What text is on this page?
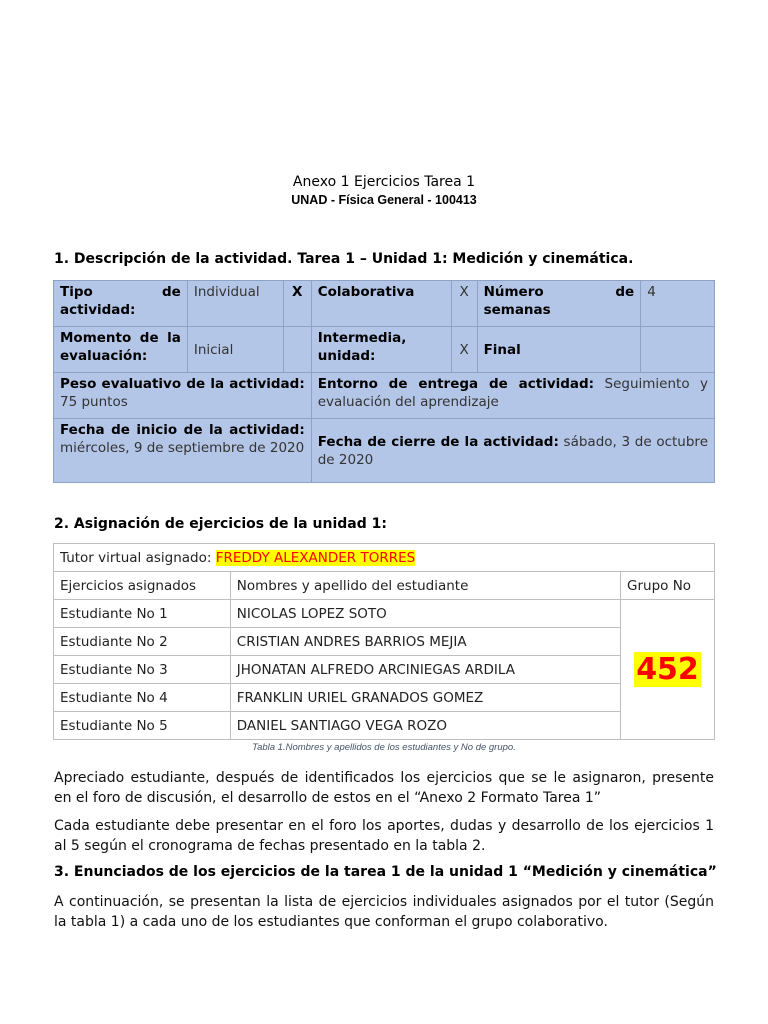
Anexo 1 Ejercicios Tarea 1
UNAD - Física General - 100413

1. Descripción de la actividad. Tarea 1 – Unidad 1: Medición y cinemática.

Tipo de actividad:	Individual	X	Colaborativa	X	Número de semanas	4
Momento de la evaluación:	Inicial		Intermedia, unidad:	X	Final	
Peso evaluativo de la actividad: 75 puntos			Entorno de entrega de actividad: Seguimiento y evaluación del aprendizaje			
Fecha de inicio de la actividad: miércoles, 9 de septiembre de 2020			Fecha de cierre de la actividad: sábado, 3 de octubre de 2020			

2. Asignación de ejercicios de la unidad 1:

Tutor virtual asignado: FREDDY ALEXANDER TORRES		
Ejercicios asignados	Nombres y apellido del estudiante	Grupo No
Estudiante No 1	NICOLAS LOPEZ SOTO	452
Estudiante No 2	CRISTIAN ANDRES BARRIOS MEJIA	
Estudiante No 3	JHONATAN ALFREDO ARCINIEGAS ARDILA	
Estudiante No 4	FRANKLIN URIEL GRANADOS GOMEZ	
Estudiante No 5	DANIEL SANTIAGO VEGA ROZO	
Tabla 1.Nombres y apellidos de los estudiantes y No de grupo.

Apreciado estudiante, después de identificados los ejercicios que se le asignaron, presente en el foro de discusión, el desarrollo de estos en el “Anexo 2 Formato Tarea 1”

Cada estudiante debe presentar en el foro los aportes, dudas y desarrollo de los ejercicios 1 al 5 según el cronograma de fechas presentado en la tabla 2.

3. Enunciados de los ejercicios de la tarea 1 de la unidad 1 “Medición y cinemática”

A continuación, se presentan la lista de ejercicios individuales asignados por el tutor (Según la tabla 1) a cada uno de los estudiantes que conforman el grupo colaborativo.
